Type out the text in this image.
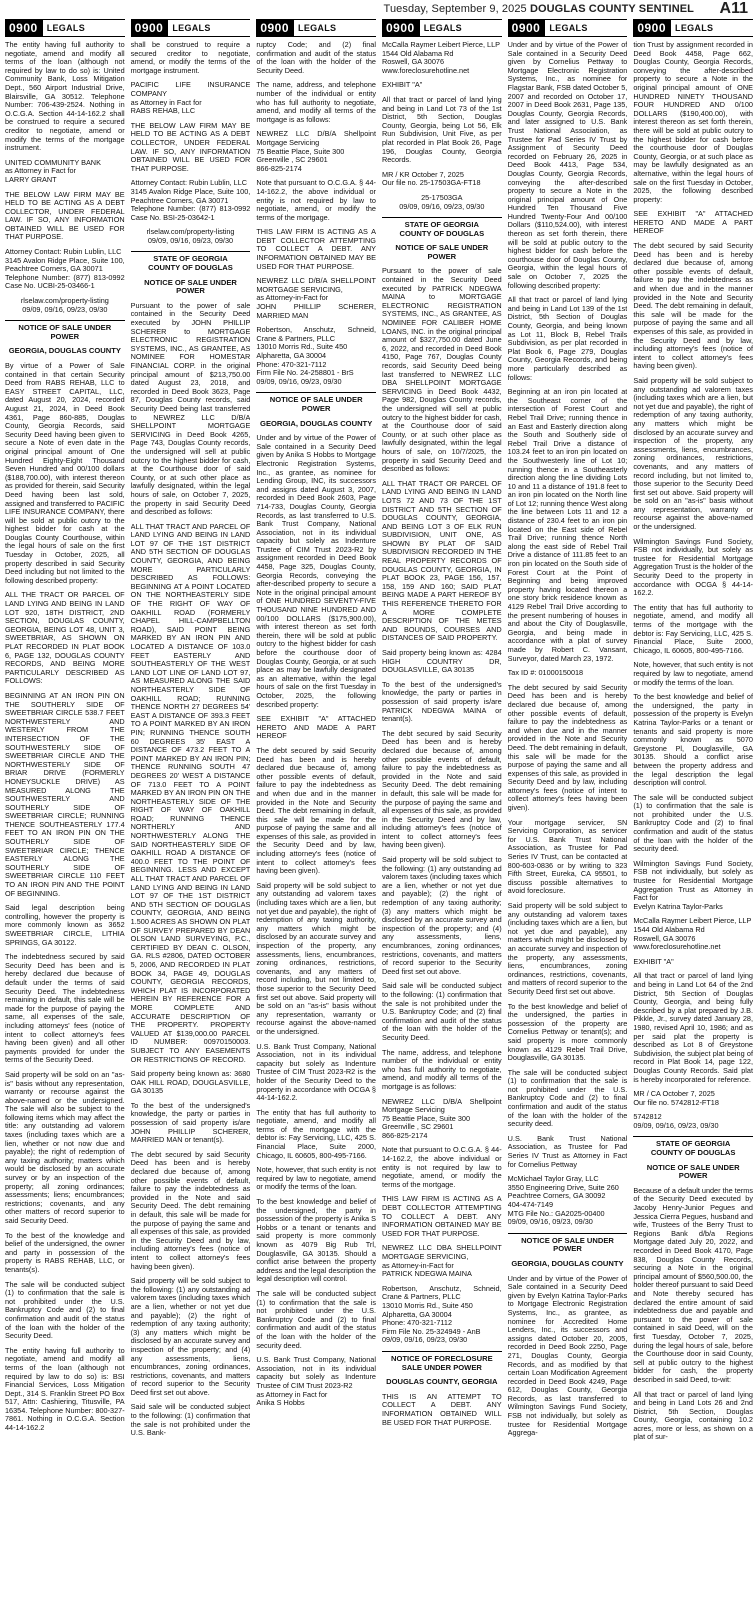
Tuesday, September 9, 2025 DOUGLAS COUNTY SENTINEL A11
0900	LEGALS

The entity having full authority to negotiate, amend and modify all terms of the loan (although not required by law to do so) is: United Community Bank, Loss Mitigation Dept., 560 Airport Industrial Drive, Blairsville, GA 30512. Telephone Number: 706-439-2524. Nothing in O.C.G.A. Section 44-14-162.2 shall be construed to require a secured creditor to negotiate, amend or modify the terms of the mortgage instrument.

UNITED COMMUNITY BANK
as Attorney in Fact for
LARRY GRANT

THE BELOW LAW FIRM MAY BE HELD TO BE ACTING AS A DEBT COLLECTOR, UNDER FEDERAL LAW. IF SO, ANY INFORMATION OBTAINED WILL BE USED FOR THAT PURPOSE.

Attorney Contact: Rubin Lublin, LLC
3145 Avalon Ridge Place, Suite 100, Peachtree Corners, GA 30071
Telephone Number: (877) 813-0992 Case No. UCBI-25-03466-1

rlselaw.com/property-listing
09/09, 09/16, 09/23, 09/30

NOTICE OF SALE UNDER POWER

GEORGIA, DOUGLAS COUNTY

By virtue of a Power of Sale contained in that certain Security Deed from RABS REHAB, LLC to EASY STREET CAPITAL, LLC, dated August 20, 2024, recorded August 21, 2024, in Deed Book 4361, Page 860-885, Douglas County, Georgia Records, said Security Deed having been given to secure a Note of even date in the original principal amount of One Hundred Eighty-Eight Thousand Seven Hundred and 00/100 dollars ($188,700.00), with interest thereon as provided for therein, said Security Deed having been last sold, assigned and transferred to PACIFIC LIFE INSURANCE COMPANY, there will be sold at public outcry to the highest bidder for cash at the Douglas County Courthouse, within the legal hours of sale on the first Tuesday in October, 2025, all property described in said Security Deed including but not limited to the following described property:

ALL THE TRACT OR PARCEL OF LAND LYING AND BEING IN LAND LOT 920, 18TH DISTRICT, 2ND SECTION, DOUGLAS COUNTY, GEORGIA, BEING LOT 48, UNIT 3, SWEETBRIAR, AS SHOWN ON PLAT RECORDED IN PLAT BOOK 6, PAGE 132, DOUGLAS COUNTY RECORDS, AND BEING MORE PARTICULARLY DESCRIBED AS FOLLOWS:

BEGINNING AT AN IRON PIN ON THE SOUTHERLY SIDE OF SWEETBRIAR CIRCLE 538.7 FEET NORTHWESTERLY AND WESTERLY FROM THE INTERSECTION OF THE SOUTHWESTERLY SIDE OF SWEETBRIAR CIRCLE AND THE NORTHWESTERLY SIDE OF BRIAR DRIVE (FORMERLY HONEYSUCKLE DRIVE) AS MEASURED ALONG THE SOUTHWESTERLY AND SOUTHERLY SIDE OF SWEETBRIAR CIRCLE; RUNNING THENCE SOUTHEASTERLY 177.4 FEET TO AN IRON PIN ON THE SOUTHERLY SIDE OF SWEETBRIAR CIRCLE; THENCE EASTERLY ALONG THE SOUTHERLY SIDE OF SWEETBRIAR CIRCLE 110 FEET TO AN IRON PIN AND THE POINT OF BEGINNING.

Said legal description being controlling, however the property is more commonly known as 3652 SWEETBRIAR CIRCLE, LITHIA SPRINGS, GA 30122.

The indebtedness secured by said Security Deed has been and is hereby declared due because of default under the terms of said Security Deed. The indebtedness remaining in default, this sale will be made for the purpose of paying the same, all expenses of the sale, including attorneys' fees (notice of intent to collect attorney's fees having been given) and all other payments provided for under the terms of the Security Deed.

Said property will be sold on an "as-is" basis without any representation, warranty or recourse against the above-named or the undersigned. The sale will also be subject to the following items which may affect the title: any outstanding ad valorem taxes (including taxes which are a lien, whether or not now due and payable); the right of redemption of any taxing authority; matters which would be disclosed by an accurate survey or by an inspection of the property; all zoning ordinances; assessments; liens; encumbrances; restrictions; covenants, and any other matters of record superior to said Security Deed.

To the best of the knowledge and belief of the undersigned, the owner and party in possession of the property is RABS REHAB, LLC, or tenants(s).

The sale will be conducted subject (1) to confirmation that the sale is not prohibited under the U.S. Bankruptcy Code and (2) to final confirmation and audit of the status of the loan with the holder of the Security Deed.

The entity having full authority to negotiate, amend and modify all terms of the loan (although not required by law to do so) is: BSI Financial Services, Loss Mitigation Dept., 314 S. Franklin Street PO Box 517, Attn: Cashiering, Titusville, PA 16354. Telephone Number: 800-327-7861. Nothing in O.C.G.A. Section 44-14-162.2

0900	LEGALS

shall be construed to require a secured creditor to negotiate, amend, or modify the terms of the mortgage instrument.

PACIFIC LIFE INSURANCE COMPANY
as Attorney in Fact for
RABS REHAB, LLC

THE BELOW LAW FIRM MAY BE HELD TO BE ACTING AS A DEBT COLLECTOR, UNDER FEDERAL LAW. IF SO, ANY INFORMATION OBTAINED WILL BE USED FOR THAT PURPOSE.

Attorney Contact: Rubin Lublin, LLC
3145 Avalon Ridge Place, Suite 100, Peachtree Corners, GA 30071
Telephone Number: (877) 813-0992 Case No. BSI-25-03642-1

rlselaw.com/property-listing
09/09, 09/16, 09/23, 09/30

STATE OF GEORGIA
COUNTY OF DOUGLAS

NOTICE OF SALE UNDER POWER

Pursuant to the power of sale contained in the Security Deed executed by JOHN PHILLIP SCHERER to MORTGAGE ELECTRONIC REGISTRATION SYSTEMS, INC., AS GRANTEE, AS NOMINEE FOR HOMESTAR FINANCIAL CORP. in the original principal amount of $213,750.00 dated August 23, 2018, and recorded in Deed Book 3623, Page 87, Douglas County records, said Security Deed being last transferred to NEWREZ LLC D/B/A SHELLPOINT MORTGAGE SERVICING in Deed Book 4265, Page 743, Douglas County records, the undersigned will sell at public outcry to the highest bidder for cash, at the Courthouse door of said County, or at such other place as lawfully designated, within the legal hours of sale, on October 7, 2025, the property in said Security Deed and described as follows:

ALL THAT TRACT AND PARCEL OF LAND LYING AND BEING IN LAND LOT 97 OF THE 1ST DISTRICT AND 5TH SECTION OF DOUGLAS COUNTY, GEORGIA, AND BEING MORE PARTICULARLY DESCRIBED AS FOLLOWS: BEGINNING AT A POINT LOCATED ON THE NORTHEASTERLY SIDE OF THE RIGHT OF WAY OF OAKHILL ROAD (FORMERLY CHAPEL HILL-CAMPBELLTON ROAD), SAID POINT BEING MARKED BY AN IRON PIN AND LOCATED A DISTANCE OF 103.0 FEET EASTERLY AND SOUTHEASTERLY OF THE WEST LAND LOT LINE OF LAND LOT 97, AS MEASURED ALONG THE SAID NORTHEASTERLY SIDE OF OAKHILL ROAD; RUNNING THENCE NORTH 27 DEGREES 54' EAST A DISTANCE OF 393.3 FEET TO A POINT MARKED BY AN IRON PIN; RUNNING THENCE SOUTH 60 DEGREES 35' EAST A DISTANCE OF 473.2 FEET TO A POINT MARKED BY AN IRON PIN; THENCE RUNNING SOUTH 47 DEGREES 20' WEST A DISTANCE OF 713.0 FEET TO A POINT MARKED BY AN IRON PIN ON THE NORTHEASTERLY SIDE OF THE RIGHT OF WAY OF OAKHILL ROAD; RUNNING THENCE NORTHERLY AND NORTHWESTERLY ALONG THE SAID NORTHEASTERLY SIDE OF OAKHILL ROAD A DISTANCE OF 400.0 FEET TO THE POINT OF BEGINNING. LESS AND EXCEPT ALL THAT TRACT AND PARCEL OF LAND LYING AND BEING IN LAND LOT 97 OF THE 1ST DISTRICT AND 5TH SECTION OF DOUGLAS COUNTY, GEORGIA, AND BEING 1.500 ACRES AS SHOWN ON PLAT OF SURVEY PREPARED BY DEAN OLSON LAND SURVEYING, P.C., CERTIFIED BY DEAN C. OLSON, GA. RLS #2806, DATED OCTOBER 5, 2006, AND RECORDED IN PLAT BOOK 34, PAGE 49, DOUGLAS COUNTY, GEORGIA RECORDS, WHICH PLAT IS INCORPORATED HEREIN BY REFERENCE FOR A MORE COMPLETE AND ACCURATE DESCRIPTION OF THE PROPERTY. PROPERTY VALUED AT $139,000.00 PARCEL ID NUMBER: 00970150003. SUBJECT TO ANY EASEMENTS OR RESTRICTIONS OF RECORD.

Said property being known as: 3680 OAK HILL ROAD, DOUGLASVILLE, GA 30135

To the best of the undersigned's knowledge, the party or parties in possession of said property is/are JOHN PHILLIP SCHERER, MARRIED MAN or tenant(s).

The debt secured by said Security Deed has been and is hereby declared due because of, among other possible events of default, failure to pay the indebtedness as provided in the Note and said Security Deed. The debt remaining in default, this sale will be made for the purpose of paying the same and all expenses of this sale, as provided in the Security Deed and by law, including attorney's fees (notice of intent to collect attorney's fees having been given).

Said property will be sold subject to the following: (1) any outstanding ad valorem taxes (including taxes which are a lien, whether or not yet due and payable); (2) the right of redemption of any taxing authority; (3) any matters which might be disclosed by an accurate survey and inspection of the property; and (4) any assessments, liens, encumbrances, zoning ordinances, restrictions, covenants, and matters of record superior to the Security Deed first set out above.

Said sale will be conducted subject to the following: (1) confirmation that the sale is not prohibited under the U.S. Bank-

0900	LEGALS

ruptcy Code; and (2) final confirmation and audit of the status of the loan with the holder of the Security Deed.

The name, address, and telephone number of the individual or entity who has full authority to negotiate, amend, and modify all terms of the mortgage is as follows:

NEWREZ LLC D/B/A Shellpoint Mortgage Servicing
75 Beattie Place, Suite 300
Greenville , SC 29601
866-825-2174

Note that pursuant to O.C.G.A. § 44-14-162.2, the above individual or entity is not required by law to negotiate, amend, or modify the terms of the mortgage.

THIS LAW FIRM IS ACTING AS A DEBT COLLECTOR ATTEMPTING TO COLLECT A DEBT. ANY INFORMATION OBTAINED MAY BE USED FOR THAT PURPOSE.

NEWREZ LLC D/B/A SHELLPOINT MORTGAGE SERVICING,
as Attorney-in-Fact for
JOHN PHILLIP SCHERER, MARRIED MAN

Robertson, Anschutz, Schneid, Crane & Partners, PLLC
13010 Morris Rd., Suite 450
Alpharetta, GA 30004
Phone: 470-321-7112
Firm File No. 24-258801 - BrS
09/09, 09/16, 09/23, 09/30

NOTICE OF SALE UNDER POWER

GEORGIA, DOUGLAS COUNTY

Under and by virtue of the Power of Sale contained in a Security Deed given by Anika S Hobbs to Mortgage Electronic Registration Systems, Inc., as grantee, as nominee for Lending Group, INC, its successors and assigns dated August 3, 2007, recorded in Deed Book 2603, Page 714-733, Douglas County, Georgia Records, as last transferred to U.S. Bank Trust Company, National Association, not in its individual capacity but solely as Indenture Trustee of CIM Trust 2023-R2 by assignment recorded in Deed Book 4458, Page 325, Douglas County, Georgia Records, conveying the after-described property to secure a Note in the original principal amount of ONE HUNDRED SEVENTY-FIVE THOUSAND NINE HUNDRED AND 00/100 DOLLARS ($175,900.00), with interest thereon as set forth therein, there will be sold at public outcry to the highest bidder for cash before the courthouse door of Douglas County, Georgia, or at such place as may be lawfully designated as an alternative, within the legal hours of sale on the first Tuesday in October, 2025, the following described property:

SEE EXHIBIT "A" ATTACHED HERETO AND MADE A PART HEREOF

The debt secured by said Security Deed has been and is hereby declared due because of, among other possible events of default, failure to pay the indebtedness as and when due and in the manner provided in the Note and Security Deed. The debt remaining in default, this sale will be made for the purpose of paying the same and all expenses of this sale, as provided in the Security Deed and by law, including attorney's fees (notice of intent to collect attorney's fees having been given).

Said property will be sold subject to any outstanding ad valorem taxes (including taxes which are a lien, but not yet due and payable), the right of redemption of any taxing authority, any matters which might be disclosed by an accurate survey and inspection of the property, any assessments, liens, encumbrances, zoning ordinances, restrictions, covenants, and any matters of record including, but not limited to, those superior to the Security Deed first set out above. Said property will be sold on an "as-is" basis without any representation, warranty or recourse against the above-named or the undersigned.

U.S. Bank Trust Company, National Association, not in its individual capacity but solely as Indenture Trustee of CIM Trust 2023-R2 is the holder of the Security Deed to the property in accordance with OCGA § 44-14-162.2.

The entity that has full authority to negotiate, amend, and modify all terms of the mortgage with the debtor is: Fay Servicing, LLC, 425 S. Financial Place, Suite 2000, Chicago, IL 60605, 800-495-7166.

Note, however, that such entity is not required by law to negotiate, amend or modify the terms of the loan.

To the best knowledge and belief of the undersigned, the party in possession of the property is Anika S Hobbs or a tenant or tenants and said property is more commonly known as 4079 Big Rub Trl, Douglasville, GA 30135. Should a conflict arise between the property address and the legal description the legal description will control.

The sale will be conducted subject (1) to confirmation that the sale is not prohibited under the U.S. Bankruptcy Code and (2) to final confirmation and audit of the status of the loan with the holder of the security deed.

U.S. Bank Trust Company, National Association, not in its individual capacity but solely as Indenture Trustee of CIM Trust 2023-R2
as Attorney in Fact for
Anika S Hobbs

0900	LEGALS

McCalla Raymer Leibert Pierce, LLP
1544 Old Alabama Rd
Roswell, GA 30076
www.foreclosurehotline.net

EXHIBIT "A"

All that tract or parcel of land lying and being in Land Lot 73 of the 1st District, 5th Section, Douglas County, Georgia, being Lot 56, Elk Run Subdivision, Unit Five, as per plat recorded in Plat Book 26, Page 196, Douglas County, Georgia Records.

MR / KR October 7, 2025
Our file no. 25-17503GA-FT18

25-17503GA
09/09, 09/16, 09/23, 09/30

STATE OF GEORGIA
COUNTY OF DOUGLAS

NOTICE OF SALE UNDER POWER

Pursuant to the power of sale contained in the Security Deed executed by PATRICK NDEGWA MAINA to MORTGAGE ELECTRONIC REGISTRATION SYSTEMS, INC., AS GRANTEE, AS NOMINEE FOR CALIBER HOME LOANS, INC. in the original principal amount of $327,750.00 dated June 6, 2022, and recorded in Deed Book 4150, Page 767, Douglas County records, said Security Deed being last transferred to NEWREZ LLC DBA SHELLPOINT MORTGAGE SERVICING in Deed Book 4432, Page 982, Douglas County records, the undersigned will sell at public outcry to the highest bidder for cash, at the Courthouse door of said County, or at such other place as lawfully designated, within the legal hours of sale, on 10/7/2025, the property in said Security Deed and described as follows:

ALL THAT TRACT OR PARCEL OF LAND LYING AND BEING IN LAND LOTS 72 AND 73 OF THE 1ST DISTRICT AND 5TH SECTION OF DOUGLAS COUNTY, GEORGIA, AND BEING LOT 3 OF ELK RUN SUBDIVISION, UNIT ONE, AS SHOWN BY PLAT OF SAID SUBDIVISION RECORDED IN THE REAL PROPERTY RECORDS OF DOUGLAS COUNTY, GEORGIA, IN PLAT BOOK 23, PAGE 156, 157, 158, 159 AND 160; SAID PLAT BEING MADE A PART HEREOF BY THIS REFERENCE THERETO FOR A MORE COMPLETE DESCRIPTION OF THE METES AND BOUNDS, COURSES AND DISTANCES OF SAID PROPERTY.

Said property being known as: 4284 HIGH COUNTRY DR, DOUGLASVILLE, GA 30135

To the best of the undersigned's knowledge, the party or parties in possession of said property is/are PATRICK NDEGWA MAINA or tenant(s).

The debt secured by said Security Deed has been and is hereby declared due because of, among other possible events of default, failure to pay the indebtedness as provided in the Note and said Security Deed. The debt remaining in default, this sale will be made for the purpose of paying the same and all expenses of this sale, as provided in the Security Deed and by law, including attorney's fees (notice of intent to collect attorney's fees having been given).

Said property will be sold subject to the following: (1) any outstanding ad valorem taxes (including taxes which are a lien, whether or not yet due and payable); (2) the right of redemption of any taxing authority; (3) any matters which might be disclosed by an accurate survey and inspection of the property; and (4) any assessments, liens, encumbrances, zoning ordinances, restrictions, covenants, and matters of record superior to the Security Deed first set out above.

Said sale will be conducted subject to the following: (1) confirmation that the sale is not prohibited under the U.S. Bankruptcy Code; and (2) final confirmation and audit of the status of the loan with the holder of the Security Deed.

The name, address, and telephone number of the individual or entity who has full authority to negotiate, amend, and modify all terms of the mortgage is as follows:

NEWREZ LLC D/B/A Shellpoint Mortgage Servicing
75 Beattie Place, Suite 300
Greenville , SC 29601
866-825-2174

Note that pursuant to O.C.G.A. § 44-14-162.2, the above individual or entity is not required by law to negotiate, amend, or modify the terms of the mortgage.

THIS LAW FIRM IS ACTING AS A DEBT COLLECTOR ATTEMPTING TO COLLECT A DEBT. ANY INFORMATION OBTAINED MAY BE USED FOR THAT PURPOSE.

NEWREZ LLC DBA SHELLPOINT MORTGAGE SERVICING,
as Attorney-in-Fact for
PATRICK NDEGWA MAINA

Robertson, Anschutz, Schneid, Crane & Partners, PLLC
13010 Morris Rd., Suite 450
Alpharetta, GA 30004
Phone: 470-321-7112
Firm File No. 25-324949 - AnB
09/09, 09/16, 09/23, 09/30

NOTICE OF FORECLOSURE SALE UNDER POWER

DOUGLAS COUNTY, GEORGIA

THIS IS AN ATTEMPT TO COLLECT A DEBT. ANY INFORMATION OBTAINED WILL BE USED FOR THAT PURPOSE.

0900	LEGALS

Under and by virtue of the Power of Sale contained in a Security Deed given by Cornelius Pettway to Mortgage Electronic Registration Systems, Inc., as nominee for Flagstar Bank, FSB dated October 5, 2007 and recorded on October 17, 2007 in Deed Book 2631, Page 135, Douglas County, Georgia Records, and later assigned to U.S. Bank Trust National Association, as Trustee for Pad Series IV Trust by Assignment of Security Deed recorded on February 26, 2025 in Deed Book 4413, Page 534, Douglas County, Georgia Records, conveying the after-described property to secure a Note in the original principal amount of One Hundred Ten Thousand Five Hundred Twenty-Four And 00/100 Dollars ($110,524.00), with interest thereon as set forth therein, there will be sold at public outcry to the highest bidder for cash before the courthouse door of Douglas County, Georgia, within the legal hours of sale on October 7, 2025 the following described property:

All that tract or parcel of land lying and being in Land Lot 139 of the 1st District, 5th Section of Douglas County, Georgia, and being known as Lot 11, Block B, Rebel Trails Subdivision, as per plat recorded in Plat Book 6, Page 279, Douglas County, Georgia Records, and being more particularly described as follows:

Beginning at an iron pin located at the Southeast corner of the intersection of Forest Court and Rebel Trail Drive; running thence in an East and Easterly direction along the South and Southerly side of Rebel Trail Drive a distance of 103.24 feet to an iron pin located on the Southwesterly line of Lot 10; running thence in a Southeasterly direction along the line dividing Lots 10 and 11 a distance of 191.8 feet to an iron pin located on the North line of Lot 12; running thence West along the line between Lots 11 and 12 a distance of 230.4 feet to an iron pin located on the East side of Rebel Trail Drive; running thence North along the east side of Rebel Trail Drive a distance of 111.85 feet to an iron pin located on the South side of Forest Court at the Point of Beginning and being improved property having located thereon a one story brick residence known as 4129 Rebel Trail Drive according to the present numbering of houses in and about the City of Douglasville, Georgia, and being made in accordance with a plat of survey made by Robert C. Vansant, Surveyor, dated March 23, 1972.

Tax ID #: 01000150018

The debt secured by said Security Deed has been and is hereby declared due because of, among other possible events of default, failure to pay the indebtedness as and when due and in the manner provided in the Note and Security Deed. The debt remaining in default, this sale will be made for the purpose of paying the same and all expenses of this sale, as provided in Security Deed and by law, including attorney's fees (notice of intent to collect attorney's fees having been given).

Your mortgage servicer, SN Servicing Corporation, as servicer for U.S. Bank Trust National Association, as Trustee for Pad Series IV Trust, can be contacted at 800-603-0836 or by writing to 323 Fifth Street, Eureka, CA 95501, to discuss possible alternatives to avoid foreclosure.

Said property will be sold subject to any outstanding ad valorem taxes (including taxes which are a lien, but not yet due and payable), any matters which might be disclosed by an accurate survey and inspection of the property, any assessments, liens, encumbrances, zoning ordinances, restrictions, covenants, and matters of record superior to the Security Deed first set out above.

To the best knowledge and belief of the undersigned, the parties in possession of the property are Cornelius Pettway or tenant(s); and said property is more commonly known as 4129 Rebel Trail Drive, Douglasville, GA 30135.

The sale will be conducted subject (1) to confirmation that the sale is not prohibited under the U.S. Bankruptcy Code and (2) to final confirmation and audit of the status of the loan with the holder of the security deed.

U.S. Bank Trust National Association, as Trustee for Pad Series IV Trust as Attorney in Fact for Cornelius Pettway

McMichael Taylor Gray, LLC
3550 Engineering Drive, Suite 260
Peachtree Corners, GA 30092
404-474-7149
MTG File No.: GA2025-00400
09/09, 09/16, 09/23, 09/30

NOTICE OF SALE UNDER POWER

GEORGIA, DOUGLAS COUNTY

Under and by virtue of the Power of Sale contained in a Security Deed given by Evelyn Katrina Taylor-Parks to Mortgage Electronic Registration Systems, Inc., as grantee, as nominee for Accredited Home Lenders, Inc., its successors and assigns dated October 20, 2005, recorded in Deed Book 2250, Page 271, Douglas County, Georgia Records, and as modified by that certain Loan Modification Agreement recorded in Deed Book 4249, Page 612, Douglas County, Georgia Records, as last transferred to Wilmington Savings Fund Society, FSB not individually, but solely as trustee for Residential Mortgage Aggrega-

0900	LEGALS

tion Trust by assignment recorded in Deed Book 4458, Page 662, Douglas County, Georgia Records, conveying the after-described property to secure a Note in the original principal amount of ONE HUNDRED NINETY THOUSAND FOUR HUNDRED AND 0/100 DOLLARS ($190,400.00), with interest thereon as set forth therein, there will be sold at public outcry to the highest bidder for cash before the courthouse door of Douglas County, Georgia, or at such place as may be lawfully designated as an alternative, within the legal hours of sale on the first Tuesday in October, 2025, the following described property:

SEE EXHIBIT "A" ATTACHED HERETO AND MADE A PART HEREOF

The debt secured by said Security Deed has been and is hereby declared due because of, among other possible events of default, failure to pay the indebtedness as and when due and in the manner provided in the Note and Security Deed. The debt remaining in default, this sale will be made for the purpose of paying the same and all expenses of this sale, as provided in the Security Deed and by law, including attorney's fees (notice of intent to collect attorney's fees having been given).

Said property will be sold subject to any outstanding ad valorem taxes (including taxes which are a lien, but not yet due and payable), the right of redemption of any taxing authority, any matters which might be disclosed by an accurate survey and inspection of the property, any assessments, liens, encumbrances, zoning ordinances, restrictions, covenants, and any matters of record including, but not limited to, those superior to the Security Deed first set out above. Said property will be sold on an "as-is" basis without any representation, warranty or recourse against the above-named or the undersigned.

Wilmington Savings Fund Society, FSB not individually, but solely as trustee for Residential Mortgage Aggregation Trust is the holder of the Security Deed to the property in accordance with OCGA § 44-14-162.2.

The entity that has full authority to negotiate, amend, and modify all terms of the mortgage with the debtor is: Fay Servicing, LLC, 425 S. Financial Place, Suite 2000, Chicago, IL 60605, 800-495-7166.

Note, however, that such entity is not required by law to negotiate, amend or modify the terms of the loan.

To the best knowledge and belief of the undersigned, the party in possession of the property is Evelyn Katrina Taylor-Parks or a tenant or tenants and said property is more commonly known as 5070 Greystone Pl, Douglasville, GA 30135. Should a conflict arise between the property address and the legal description the legal description will control.

The sale will be conducted subject (1) to confirmation that the sale is not prohibited under the U.S. Bankruptcy Code and (2) to final confirmation and audit of the status of the loan with the holder of the security deed.

Wilmington Savings Fund Society, FSB not individually, but solely as trustee for Residential Mortgage Aggregation Trust as Attorney in Fact for
Evelyn Katrina Taylor-Parks

McCalla Raymer Leibert Pierce, LLP
1544 Old Alabama Rd
Roswell, GA 30076
www.foreclosurehotline.net

EXHIBIT "A"

All that tract or parcel of land lying and being in Land Lot 64 of the 2nd District, 5th Section of Douglas County, Georgia, and being fully described by a plat prepared by J.B. Pikkle, Jr., survey dated January 28, 1980, revised April 10, 1986; and as per said plat the property is described as Lot 8 of Greystone Subdivision, the subject plat being of record in Plat Book 14, page 122, Douglas County Records. Said plat is hereby incorporated for reference.

MR / CA October 7, 2025
Our file no. 5742812-FT18

5742812
09/09, 09/16, 09/23, 09/30

STATE OF GEORGIA
COUNTY OF DOUGLAS

NOTICE OF SALE UNDER POWER

Because of a default under the terms of the Security Deed executed by Jacoby Henry-Junior Pegues and Jessica Cierra Pegues, husband and wife, Trustees of the Berry Trust to Regions Bank d/b/a Regions Mortgage dated July 20, 2022, and recorded in Deed Book 4170, Page 838, Douglas County Records, securing a Note in the original principal amount of $560,500.00, the holder thereof pursuant to said Deed and Note thereby secured has declared the entire amount of said indebtedness due and payable and pursuant to the power of sale contained in said Deed, will on the first Tuesday, October 7, 2025, during the legal hours of sale, before the Courthouse door in said County, sell at public outcry to the highest bidder for cash, the property described in said Deed, to-wit:

All that tract or parcel of land lying and being in Land Lots 26 and 2nd District, 5th Section, Douglas County, Georgia, containing 10.2 acres, more or less, as shown on a plat of sur-
